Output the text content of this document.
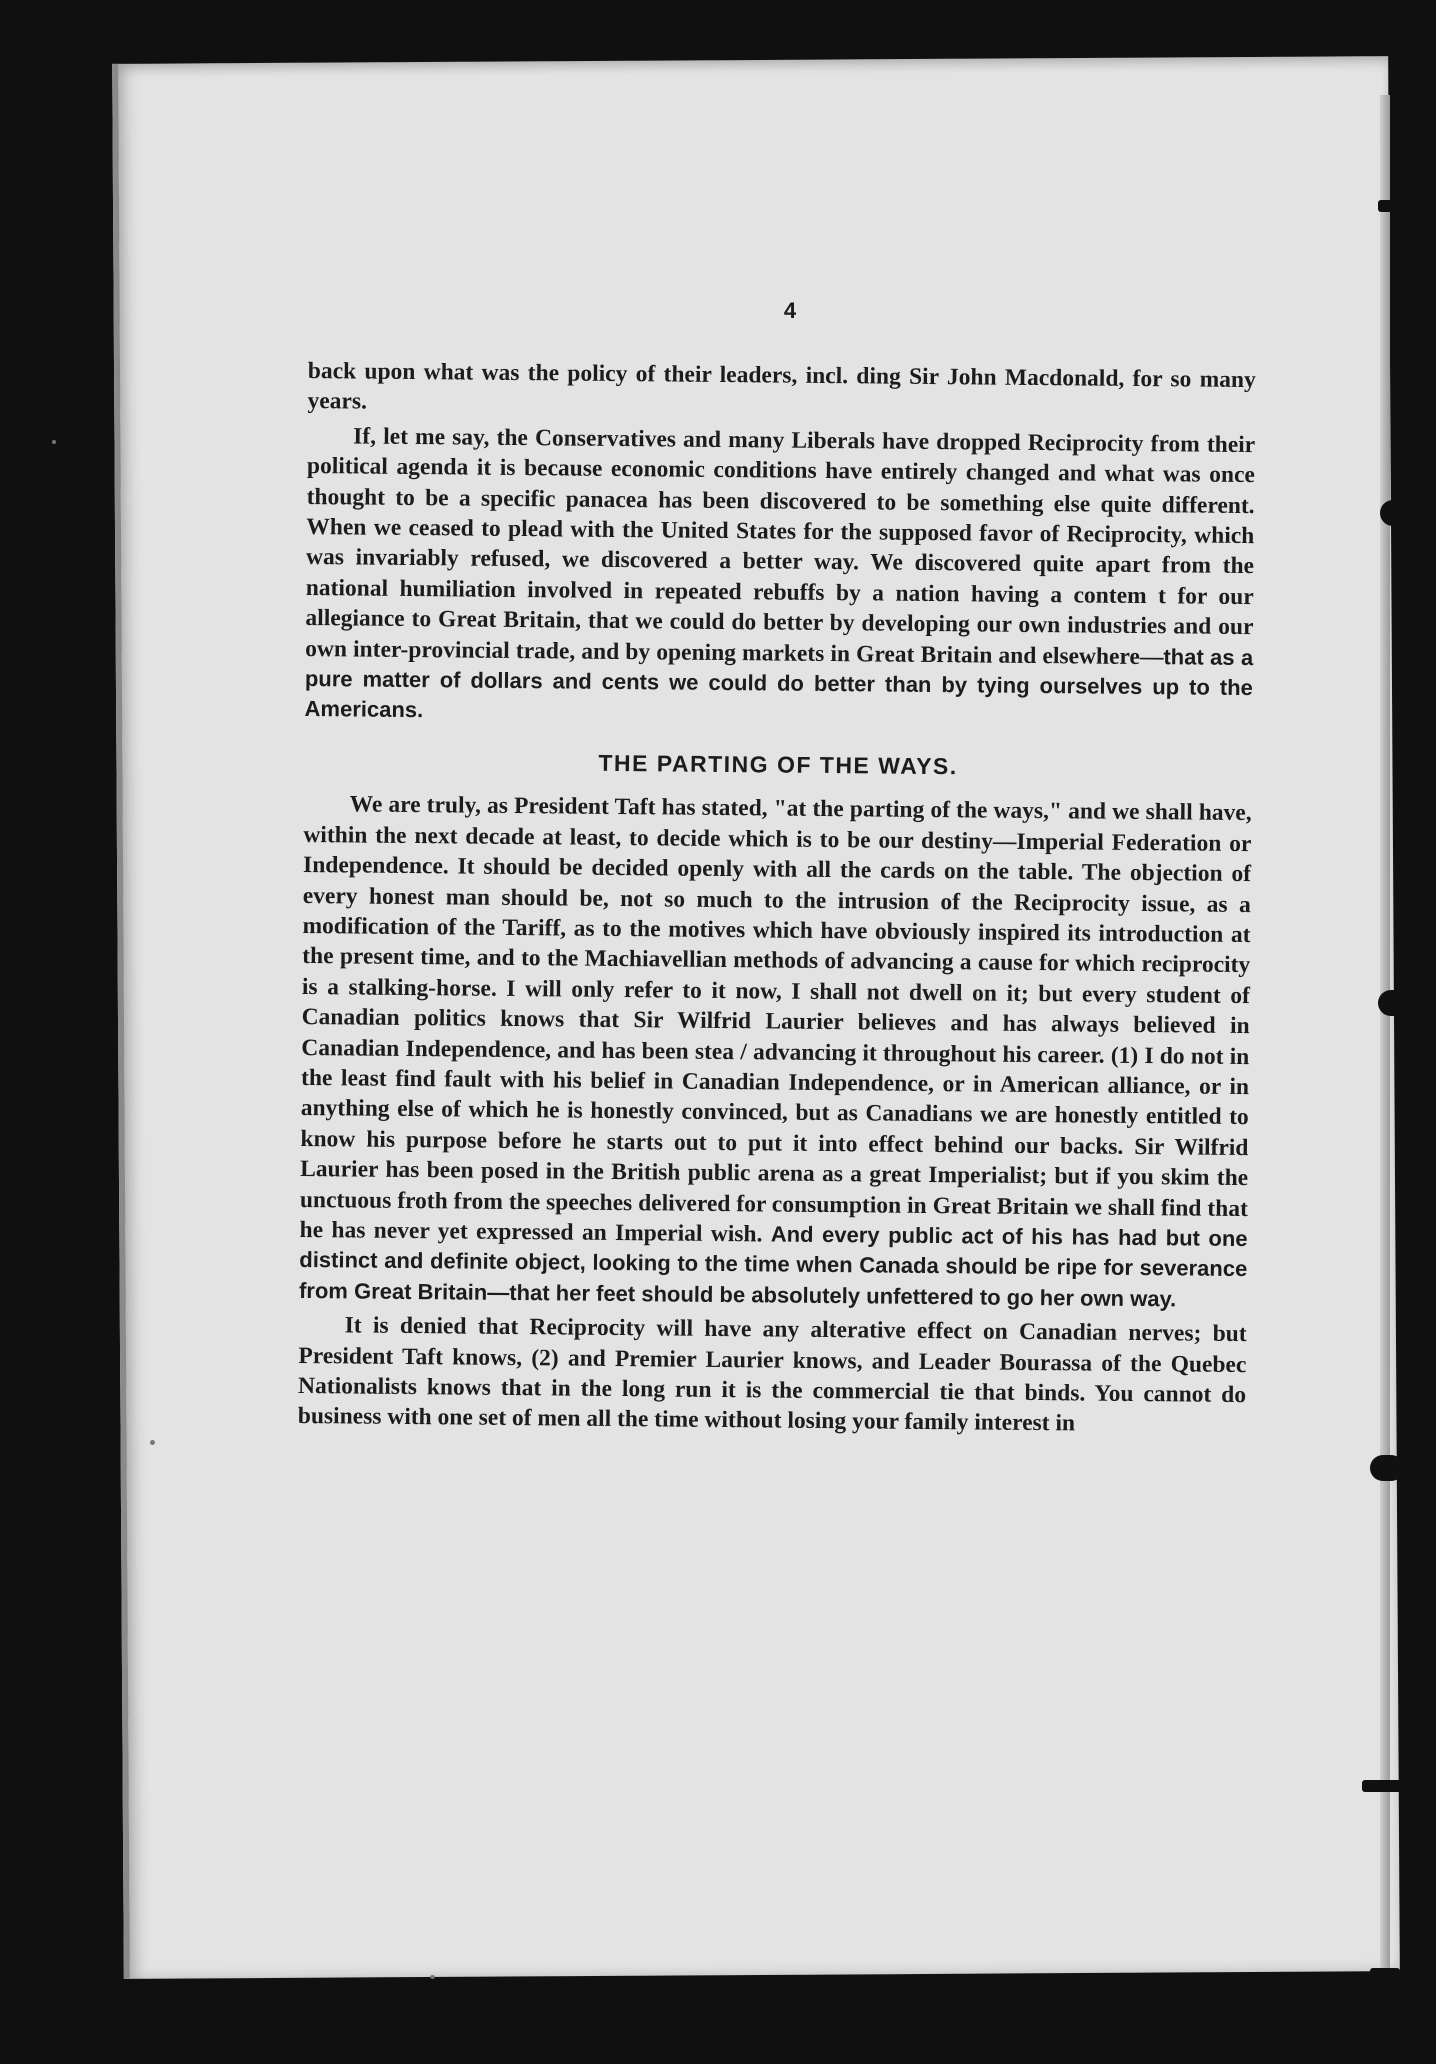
4

back upon what was the policy of their leaders, incl. ding Sir John Macdonald, for so many years.

If, let me say, the Conservatives and many Liberals have dropped Reciprocity from their political agenda it is because economic conditions have entirely changed and what was once thought to be a specific panacea has been discovered to be something else quite different. When we ceased to plead with the United States for the supposed favor of Reciprocity, which was invariably refused, we discovered a better way. We discovered quite apart from the national humiliation involved in repeated rebuffs by a nation having a contem t for our allegiance to Great Britain, that we could do better by developing our own industries and our own inter-provincial trade, and by opening markets in Great Britain and elsewhere—that as a pure matter of dollars and cents we could do better than by tying ourselves up to the Americans.

THE PARTING OF THE WAYS.

We are truly, as President Taft has stated, "at the parting of the ways," and we shall have, within the next decade at least, to decide which is to be our destiny—Imperial Federation or Independence. It should be decided openly with all the cards on the table. The objection of every honest man should be, not so much to the intrusion of the Reciprocity issue, as a modification of the Tariff, as to the motives which have obviously inspired its introduction at the present time, and to the Machiavellian methods of advancing a cause for which reciprocity is a stalking-horse. I will only refer to it now, I shall not dwell on it; but every student of Canadian politics knows that Sir Wilfrid Laurier believes and has always believed in Canadian Independence, and has been stea / advancing it throughout his career. (1) I do not in the least find fault with his belief in Canadian Independence, or in American alliance, or in anything else of which he is honestly convinced, but as Canadians we are honestly entitled to know his purpose before he starts out to put it into effect behind our backs. Sir Wilfrid Laurier has been posed in the British public arena as a great Imperialist; but if you skim the unctuous froth from the speeches delivered for consumption in Great Britain we shall find that he has never yet expressed an Imperial wish. And every public act of his has had but one distinct and definite object, looking to the time when Canada should be ripe for severance from Great Britain—that her feet should be absolutely unfettered to go her own way.

It is denied that Reciprocity will have any alterative effect on Canadian nerves; but President Taft knows, (2) and Premier Laurier knows, and Leader Bourassa of the Quebec Nationalists knows that in the long run it is the commercial tie that binds. You cannot do business with one set of men all the time without losing your family interest in
